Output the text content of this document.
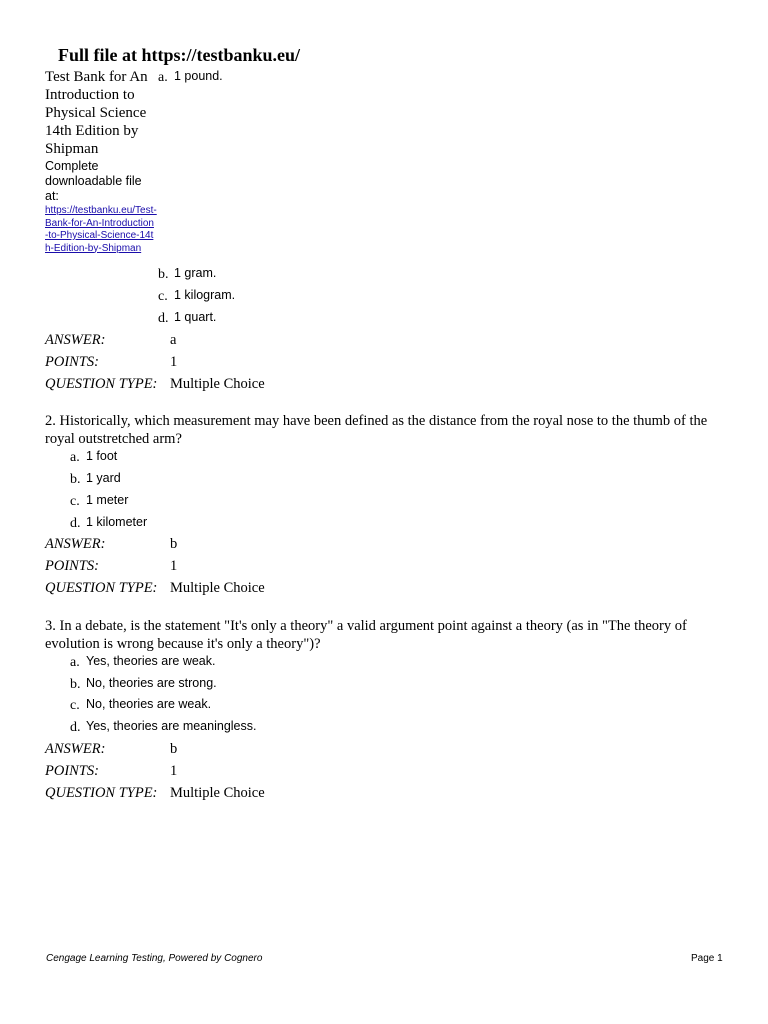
Full file at https://testbanku.eu/

Test Bank for An Introduction to Physical Science 14th Edition by Shipman

Complete downloadable file at:
https://testbanku.eu/Test-Bank-for-An-Introduction-to-Physical-Science-14th-Edition-by-Shipman
a. 1 pound.
b. 1 gram.
c. 1 kilogram.
d. 1 quart.
ANSWER:	a
POINTS:	1
QUESTION TYPE: Multiple Choice
2. Historically, which measurement may have been defined as the distance from the royal nose to the thumb of the royal outstretched arm?
a. 1 foot
b. 1 yard
c. 1 meter
d. 1 kilometer
ANSWER:	b
POINTS:	1
QUESTION TYPE: Multiple Choice
3. In a debate, is the statement "It's only a theory" a valid argument point against a theory (as in "The theory of evolution is wrong because it's only a theory")?
a. Yes, theories are weak.
b. No, theories are strong.
c. No, theories are weak.
d. Yes, theories are meaningless.
ANSWER:	b
POINTS:	1
QUESTION TYPE: Multiple Choice
Cengage Learning Testing, Powered by Cognero	Page 1
